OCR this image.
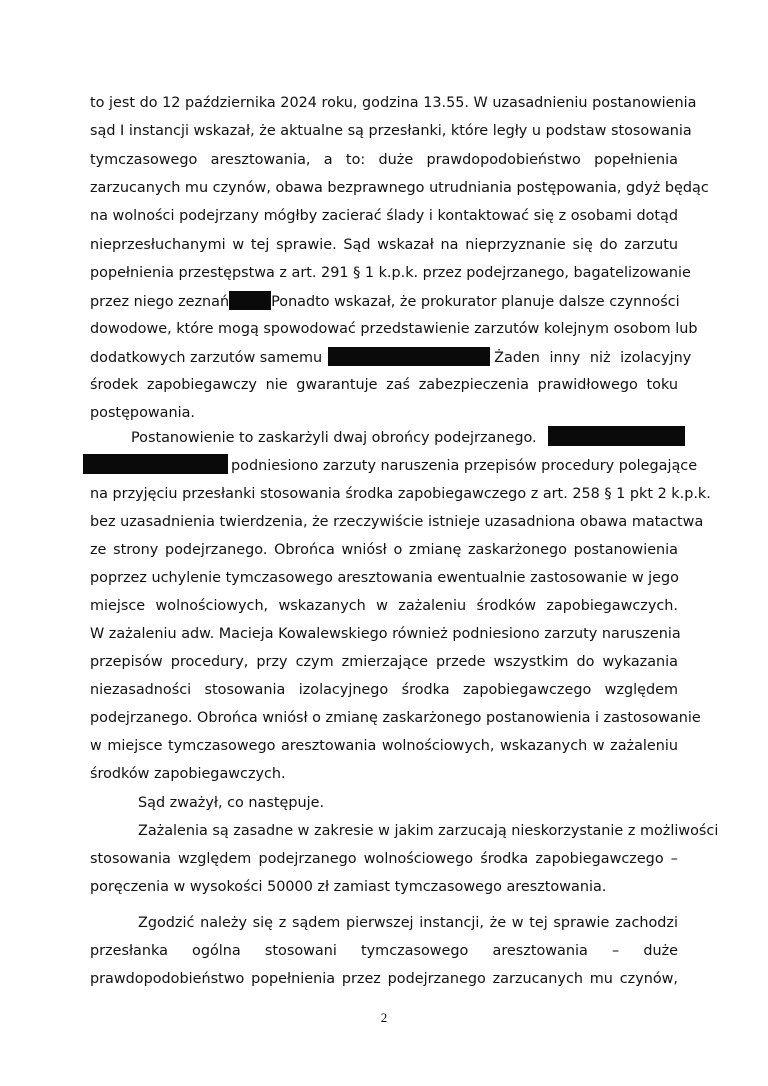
to jest do 12 października 2024 roku, godzina 13.55. W uzasadnieniu postanowienia
sąd I instancji wskazał, że aktualne są przesłanki, które legły u podstaw stosowania
tymczasowego aresztowania, a to: duże prawdopodobieństwo popełnienia
zarzucanych mu czynów, obawa bezprawnego utrudniania postępowania, gdyż będąc
na wolności podejrzany mógłby zacierać ślady i kontaktować się z osobami dotąd
nieprzesłuchanymi w tej sprawie. Sąd wskazał na nieprzyznanie się do zarzutu
popełnienia przestępstwa z art. 291 § 1 k.p.k. przez podejrzanego, bagatelizowanie
przez niego zeznań	Ponadto wskazał, że prokurator planuje dalsze czynności
dowodowe, które mogą spowodować przedstawienie zarzutów kolejnym osobom lub
dodatkowych zarzutów samemu	Żaden inny niż izolacyjny
środek zapobiegawczy nie gwarantuje zaś zabezpieczenia prawidłowego toku
postępowania.
Postanowienie to zaskarżyli dwaj obrońcy podejrzanego.
podniesiono zarzuty naruszenia przepisów procedury polegające
na przyjęciu przesłanki stosowania środka zapobiegawczego z art. 258 § 1 pkt 2 k.p.k.
bez uzasadnienia twierdzenia, że rzeczywiście istnieje uzasadniona obawa matactwa
ze strony podejrzanego. Obrońca wniósł o zmianę zaskarżonego postanowienia
poprzez uchylenie tymczasowego aresztowania ewentualnie zastosowanie w jego
miejsce wolnościowych, wskazanych w zażaleniu środków zapobiegawczych.
W zażaleniu adw. Macieja Kowalewskiego również podniesiono zarzuty naruszenia
przepisów procedury, przy czym zmierzające przede wszystkim do wykazania
niezasadności stosowania izolacyjnego środka zapobiegawczego względem
podejrzanego. Obrońca wniósł o zmianę zaskarżonego postanowienia i zastosowanie
w miejsce tymczasowego aresztowania wolnościowych, wskazanych w zażaleniu
środków zapobiegawczych.
Sąd zważył, co następuje.
Zażalenia są zasadne w zakresie w jakim zarzucają nieskorzystanie z możliwości
stosowania względem podejrzanego wolnościowego środka zapobiegawczego –
poręczenia w wysokości 50000 zł zamiast tymczasowego aresztowania.
Zgodzić należy się z sądem pierwszej instancji, że w tej sprawie zachodzi
przesłanka ogólna stosowani tymczasowego aresztowania – duże
prawdopodobieństwo popełnienia przez podejrzanego zarzucanych mu czynów,
2
